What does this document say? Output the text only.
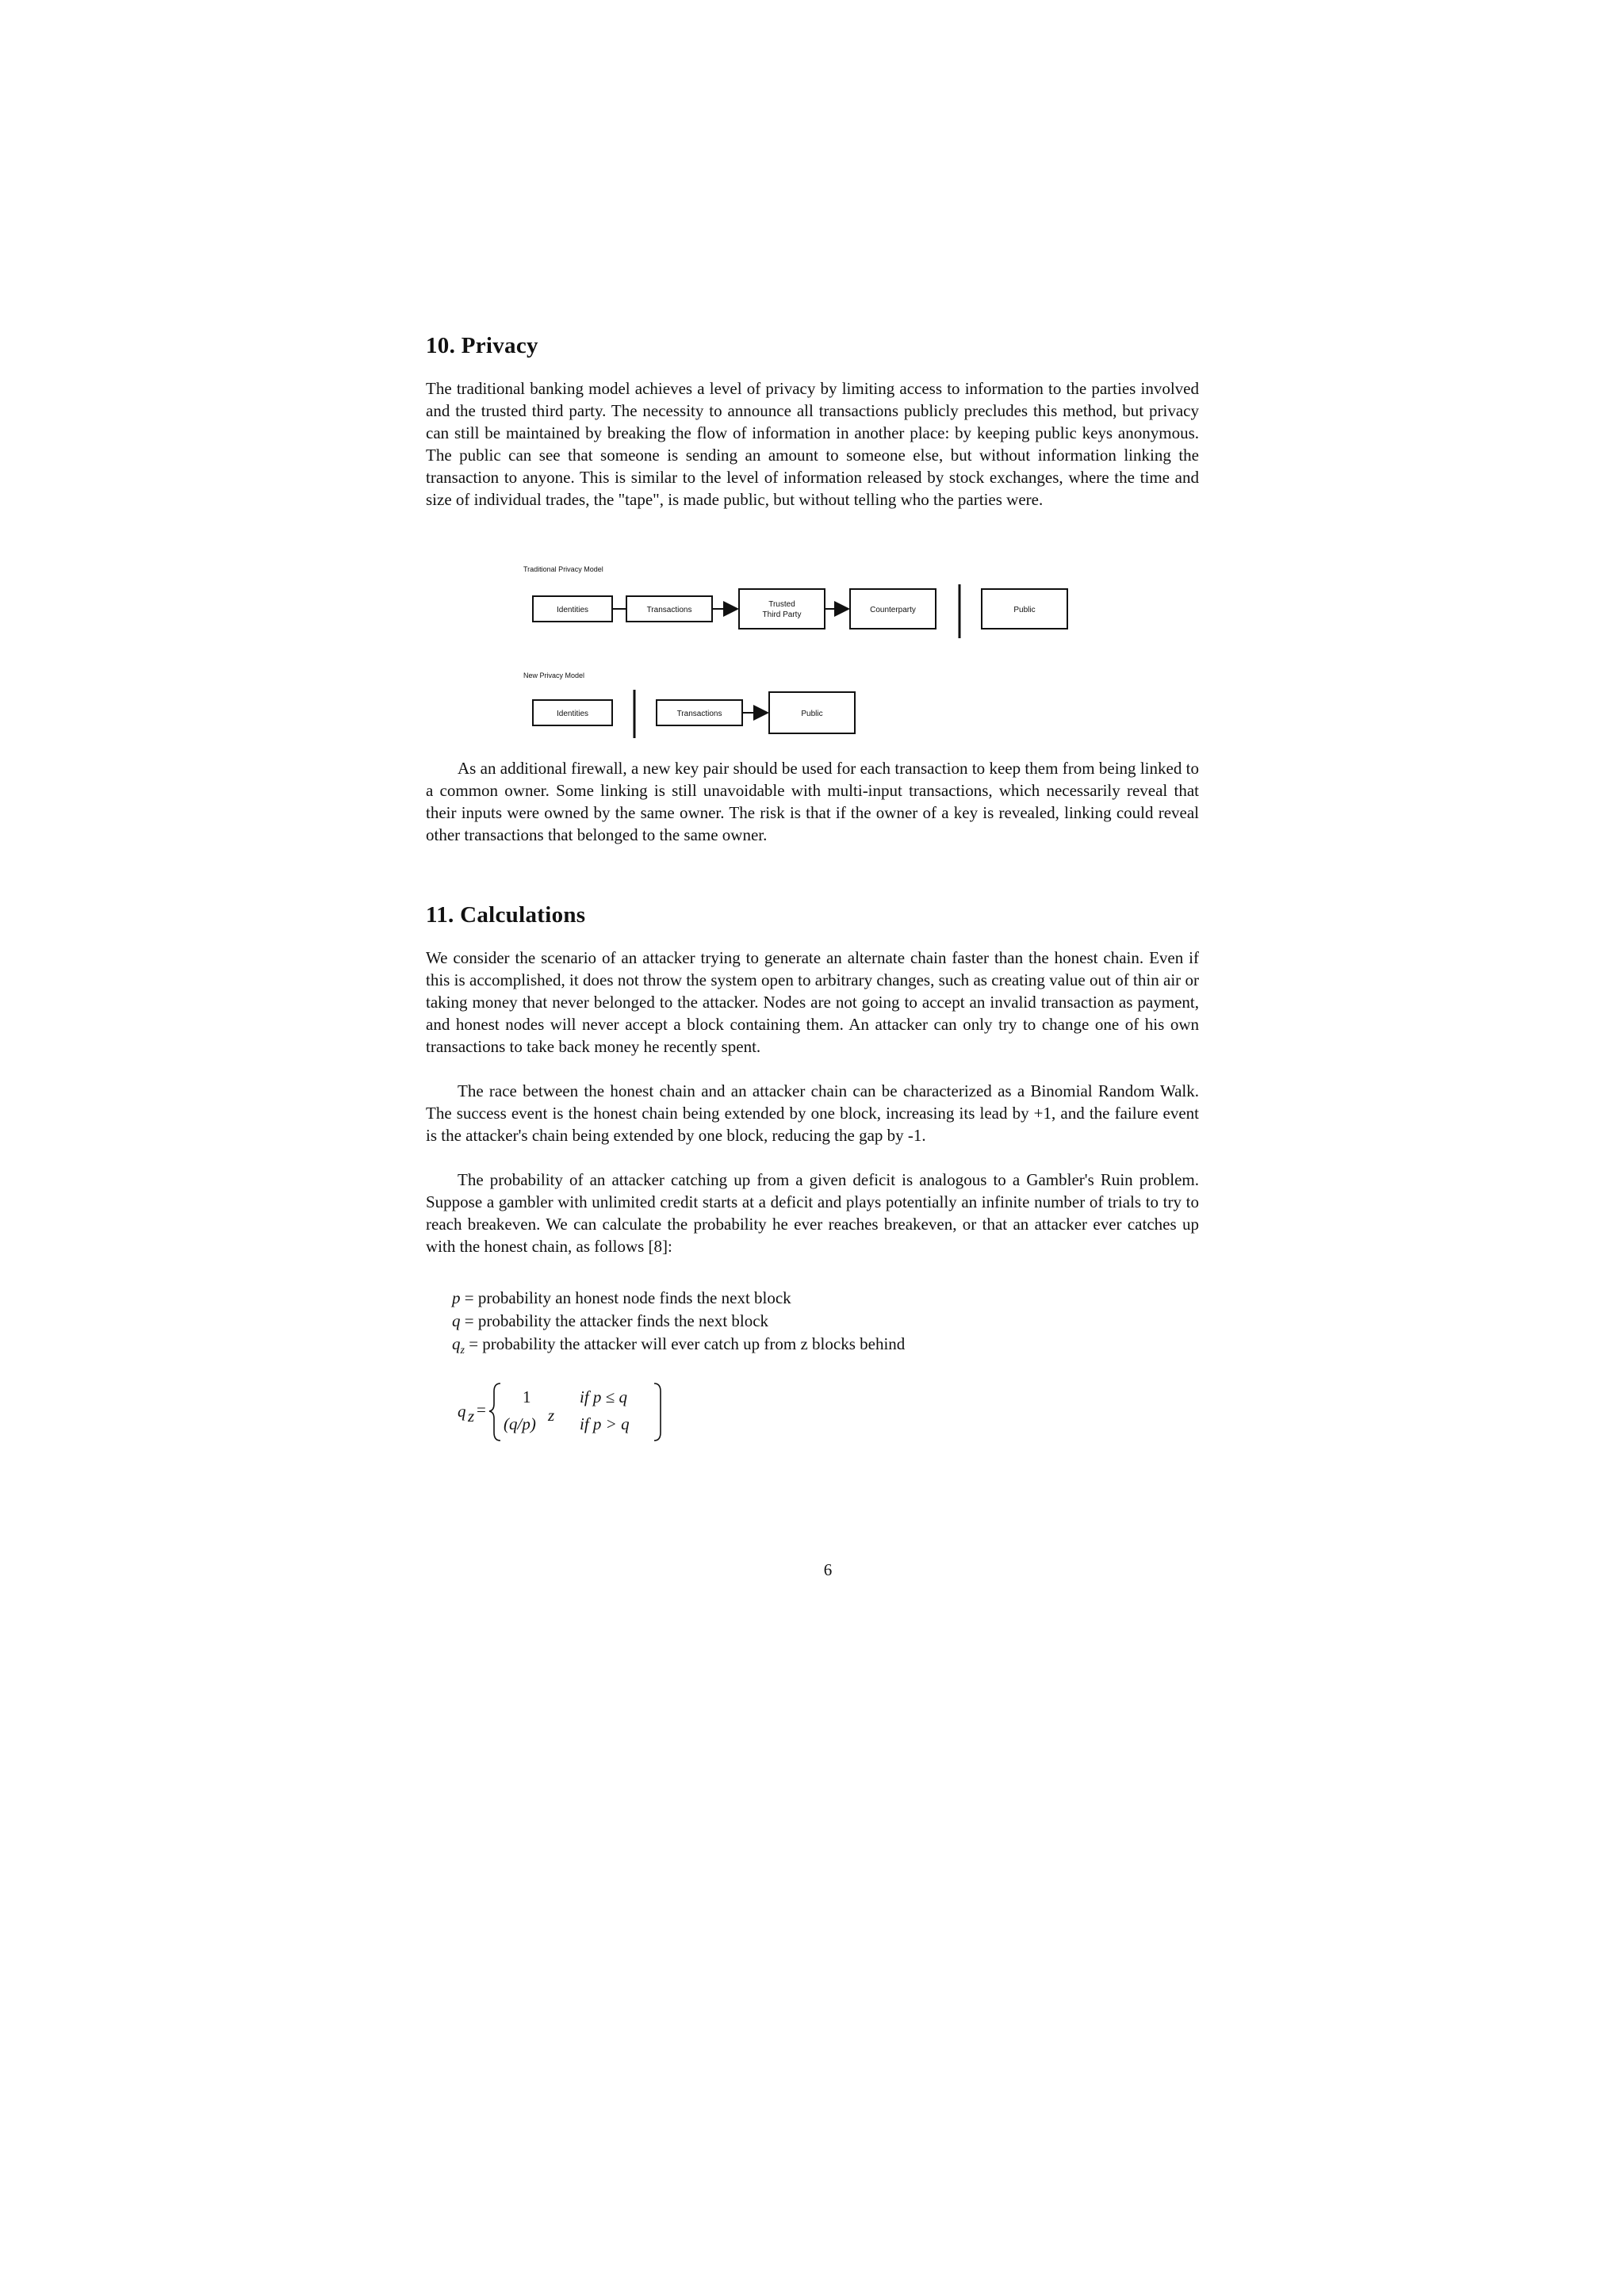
10. Privacy

The traditional banking model achieves a level of privacy by limiting access to information to the parties involved and the trusted third party. The necessity to announce all transactions publicly precludes this method, but privacy can still be maintained by breaking the flow of information in another place: by keeping public keys anonymous. The public can see that someone is sending an amount to someone else, but without information linking the transaction to anyone. This is similar to the level of information released by stock exchanges, where the time and size of individual trades, the "tape", is made public, but without telling who the parties were.

Traditional Privacy Model
Identities	Transactions
Trusted
Third Party
Counterparty	Public
New Privacy Model
Identities	Transactions	Public

As an additional firewall, a new key pair should be used for each transaction to keep them from being linked to a common owner. Some linking is still unavoidable with multi-input transactions, which necessarily reveal that their inputs were owned by the same owner. The risk is that if the owner of a key is revealed, linking could reveal other transactions that belonged to the same owner.

11. Calculations

We consider the scenario of an attacker trying to generate an alternate chain faster than the honest chain. Even if this is accomplished, it does not throw the system open to arbitrary changes, such as creating value out of thin air or taking money that never belonged to the attacker. Nodes are not going to accept an invalid transaction as payment, and honest nodes will never accept a block containing them. An attacker can only try to change one of his own transactions to take back money he recently spent.

The race between the honest chain and an attacker chain can be characterized as a Binomial Random Walk. The success event is the honest chain being extended by one block, increasing its lead by +1, and the failure event is the attacker's chain being extended by one block, reducing the gap by -1.

The probability of an attacker catching up from a given deficit is analogous to a Gambler's Ruin problem. Suppose a gambler with unlimited credit starts at a deficit and plays potentially an infinite number of trials to try to reach breakeven. We can calculate the probability he ever reaches breakeven, or that an attacker ever catches up with the honest chain, as follows [8]:

p = probability an honest node finds the next block
q = probability the attacker finds the next block
$q_z$ = probability the attacker will ever catch up from z blocks behind
q z =
1	if p ≤ q
(q/p) z if p > q
6
